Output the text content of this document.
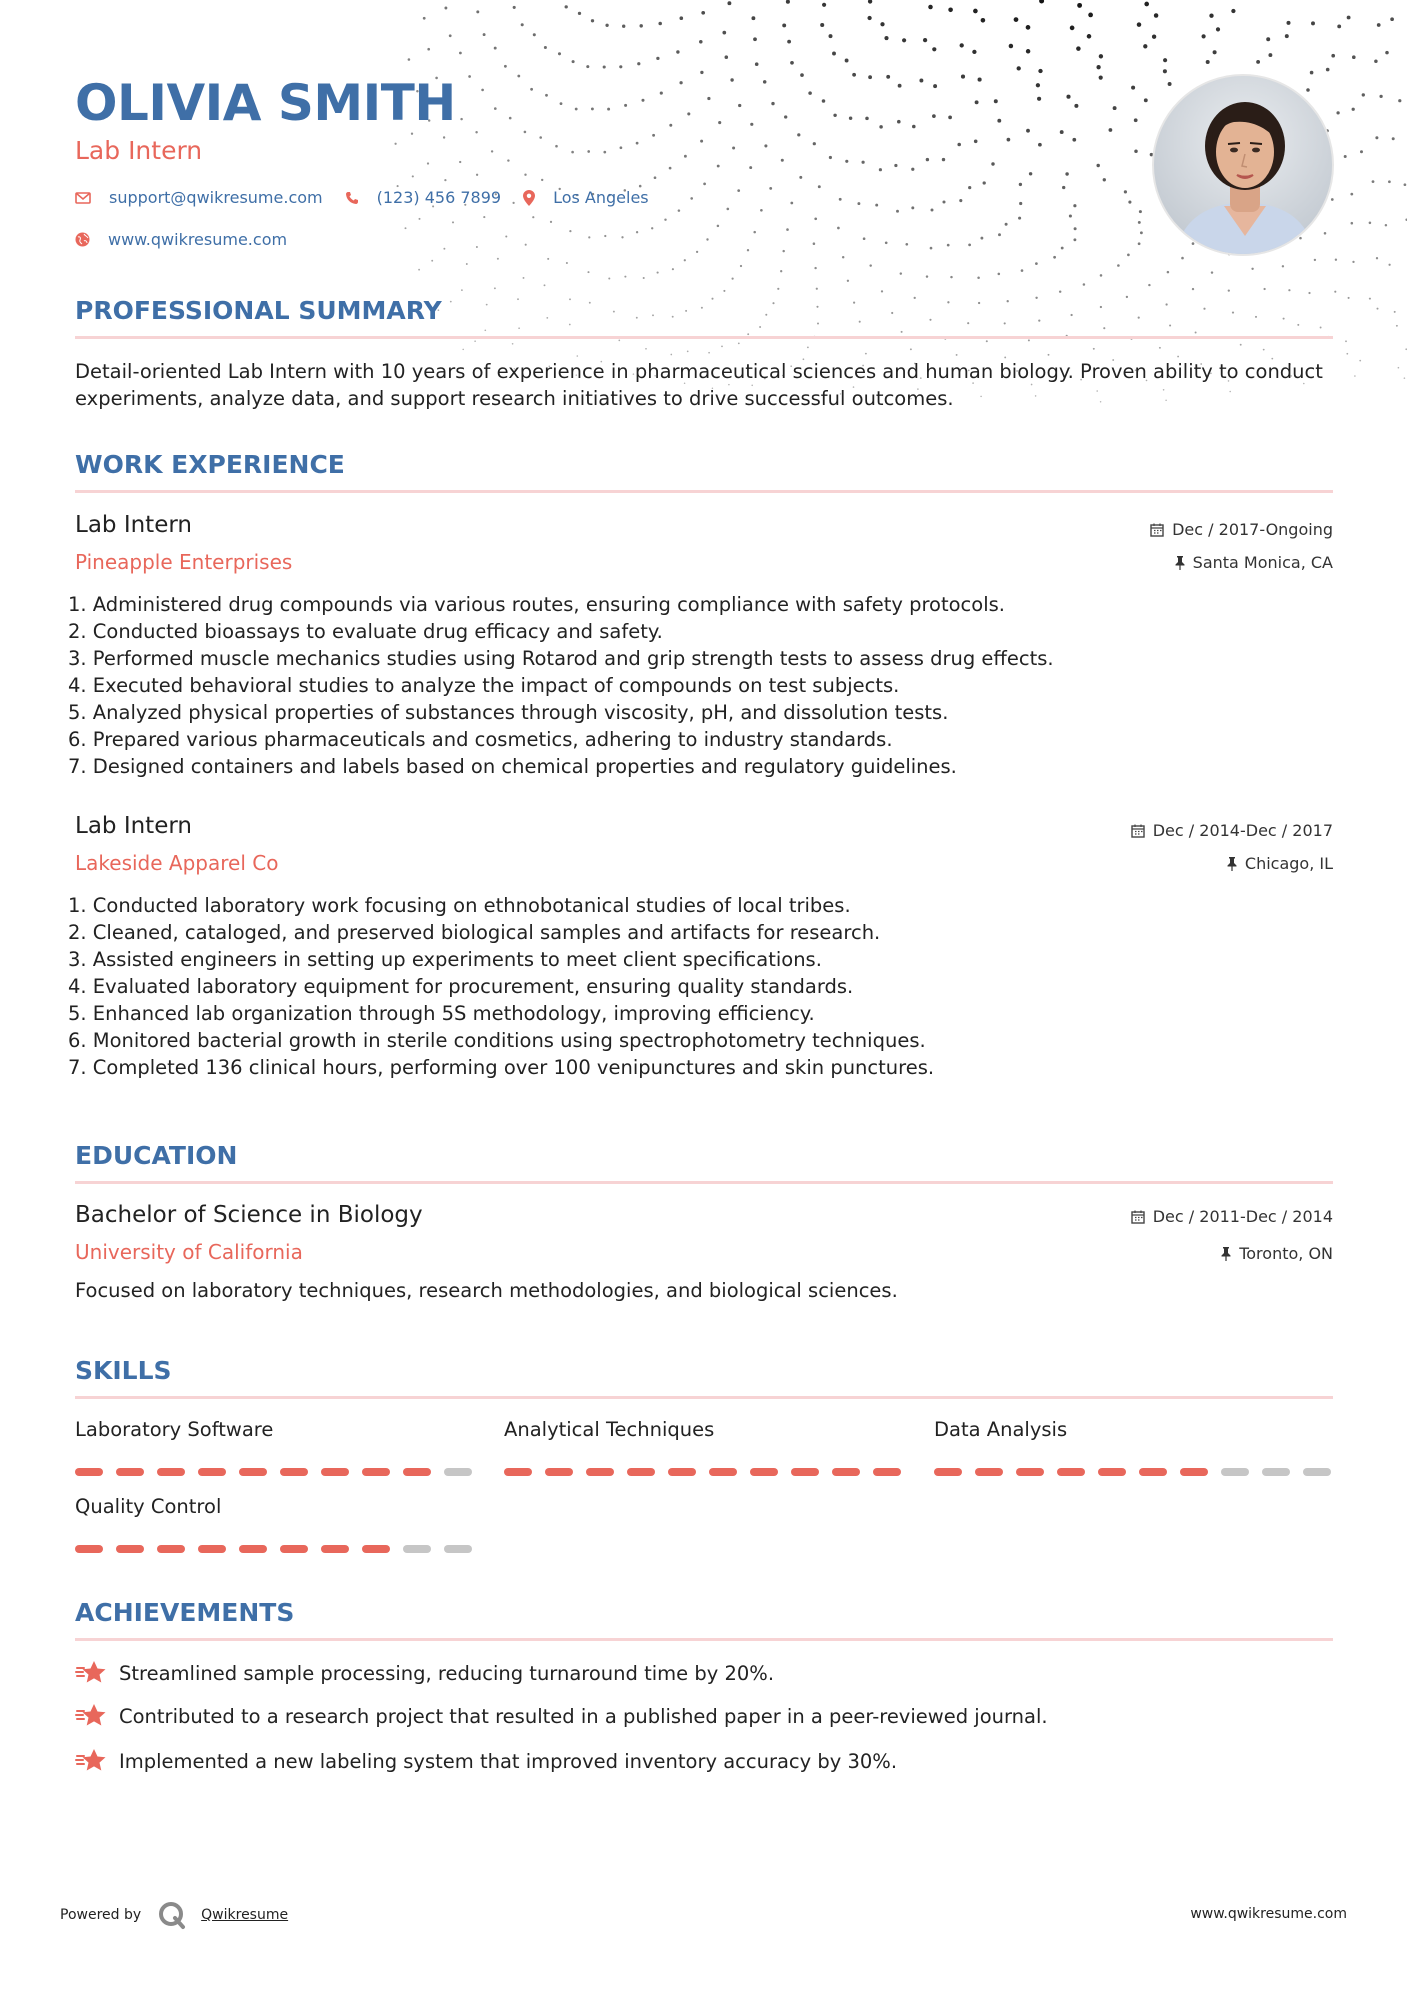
OLIVIA SMITH
Lab Intern
support@qwikresume.com	(123) 456 7899	Los Angeles
www.qwikresume.com
PROFESSIONAL SUMMARY
Detail-oriented Lab Intern with 10 years of experience in pharmaceutical sciences and human biology. Proven ability to conduct experiments, analyze data, and support research initiatives to drive successful outcomes.
WORK EXPERIENCE
Lab Intern	Dec / 2017-Ongoing
Pineapple Enterprises	Santa Monica, CA
1. Administered drug compounds via various routes, ensuring compliance with safety protocols.
2. Conducted bioassays to evaluate drug efficacy and safety.
3. Performed muscle mechanics studies using Rotarod and grip strength tests to assess drug effects.
4. Executed behavioral studies to analyze the impact of compounds on test subjects.
5. Analyzed physical properties of substances through viscosity, pH, and dissolution tests.
6. Prepared various pharmaceuticals and cosmetics, adhering to industry standards.
7. Designed containers and labels based on chemical properties and regulatory guidelines.
Lab Intern	Dec / 2014-Dec / 2017
Lakeside Apparel Co	Chicago, IL
1. Conducted laboratory work focusing on ethnobotanical studies of local tribes.
2. Cleaned, cataloged, and preserved biological samples and artifacts for research.
3. Assisted engineers in setting up experiments to meet client specifications.
4. Evaluated laboratory equipment for procurement, ensuring quality standards.
5. Enhanced lab organization through 5S methodology, improving efficiency.
6. Monitored bacterial growth in sterile conditions using spectrophotometry techniques.
7. Completed 136 clinical hours, performing over 100 venipunctures and skin punctures.
EDUCATION
Bachelor of Science in Biology	Dec / 2011-Dec / 2014
University of California	Toronto, ON
Focused on laboratory techniques, research methodologies, and biological sciences.
SKILLS
Laboratory Software	Analytical Techniques	Data Analysis
Quality Control
ACHIEVEMENTS
Streamlined sample processing, reducing turnaround time by 20%.
Contributed to a research project that resulted in a published paper in a peer-reviewed journal.
Implemented a new labeling system that improved inventory accuracy by 30%.
Powered by	Qwikresume	www.qwikresume.com
